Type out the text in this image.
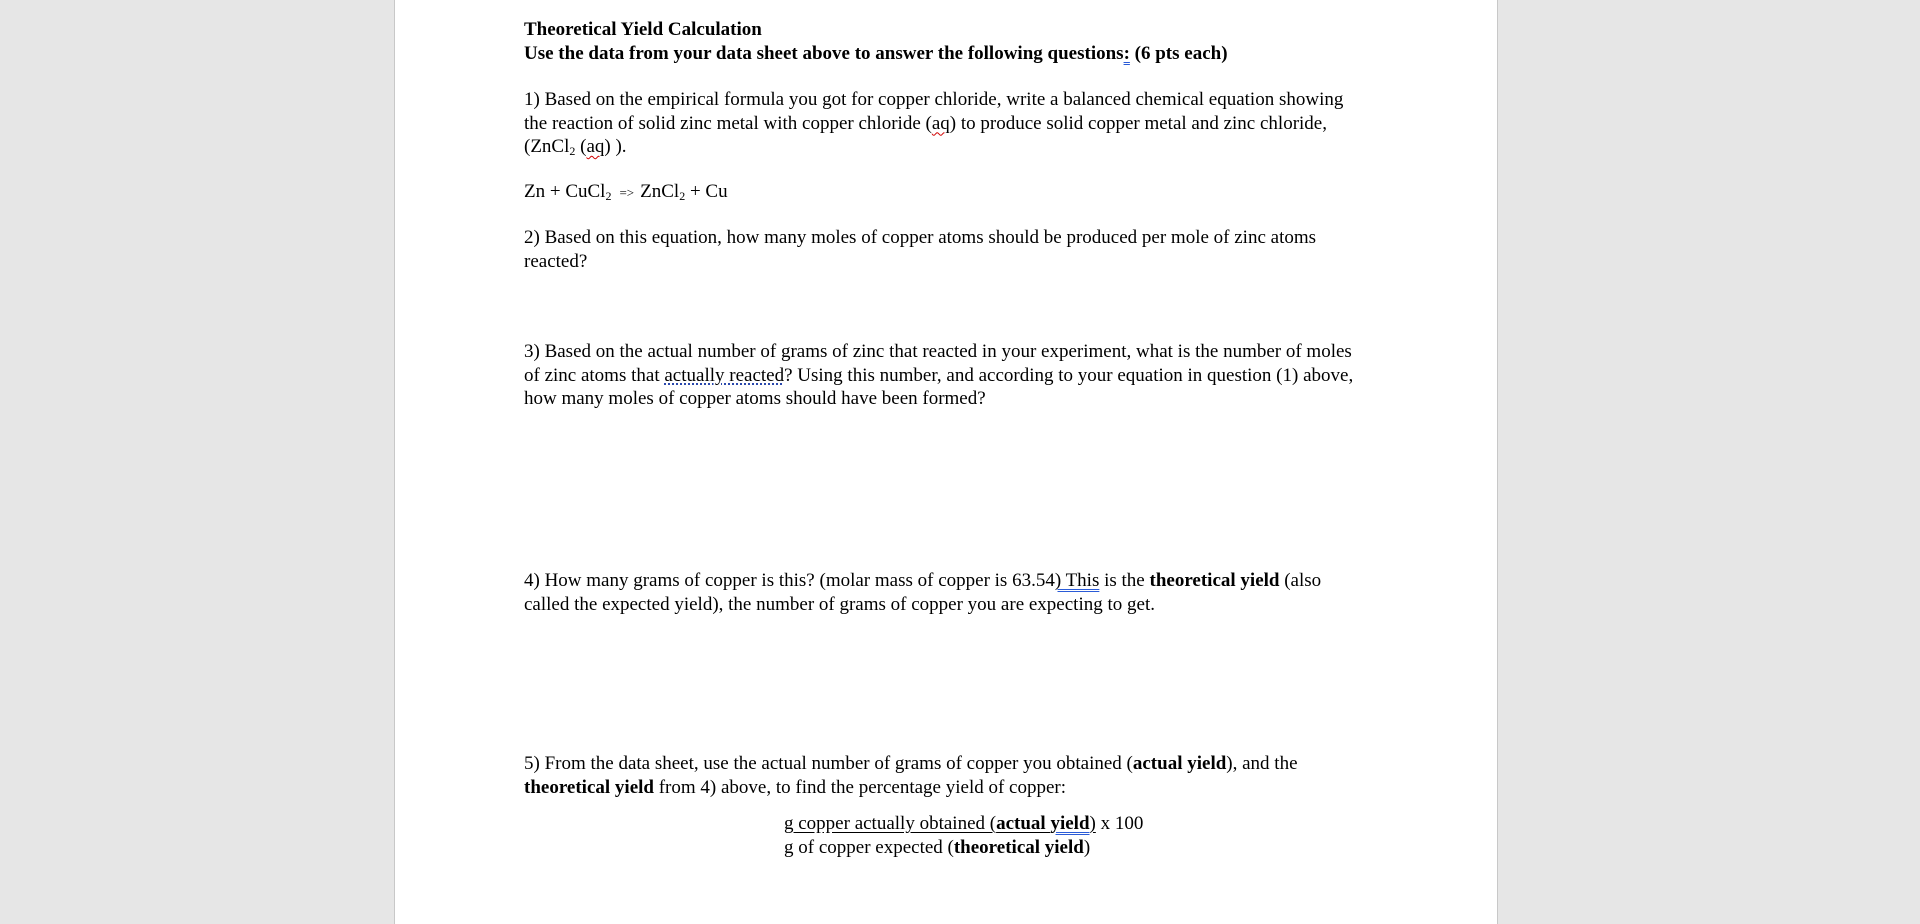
Theoretical Yield Calculation

Use the data from your data sheet above to answer the following questions: (6 pts each)

1) Based on the empirical formula you got for copper chloride, write a balanced chemical equation showing the reaction of solid zinc metal with copper chloride (aq) to produce solid copper metal and zinc chloride, (ZnCl$_2$ (aq) ).

Zn + CuCl$_2$ => ZnCl$_2$ + Cu

2) Based on this equation, how many moles of copper atoms should be produced per mole of zinc atoms reacted?

3) Based on the actual number of grams of zinc that reacted in your experiment, what is the number of moles of zinc atoms that actually reacted? Using this number, and according to your equation in question (1) above, how many moles of copper atoms should have been formed?

4) How many grams of copper is this? (molar mass of copper is 63.54) This is the theoretical yield (also called the expected yield), the number of grams of copper you are expecting to get.

5) From the data sheet, use the actual number of grams of copper you obtained (actual yield), and the theoretical yield from 4) above, to find the percentage yield of copper:

g copper actually obtained (actual yield) x 100

g of copper expected (theoretical yield)
